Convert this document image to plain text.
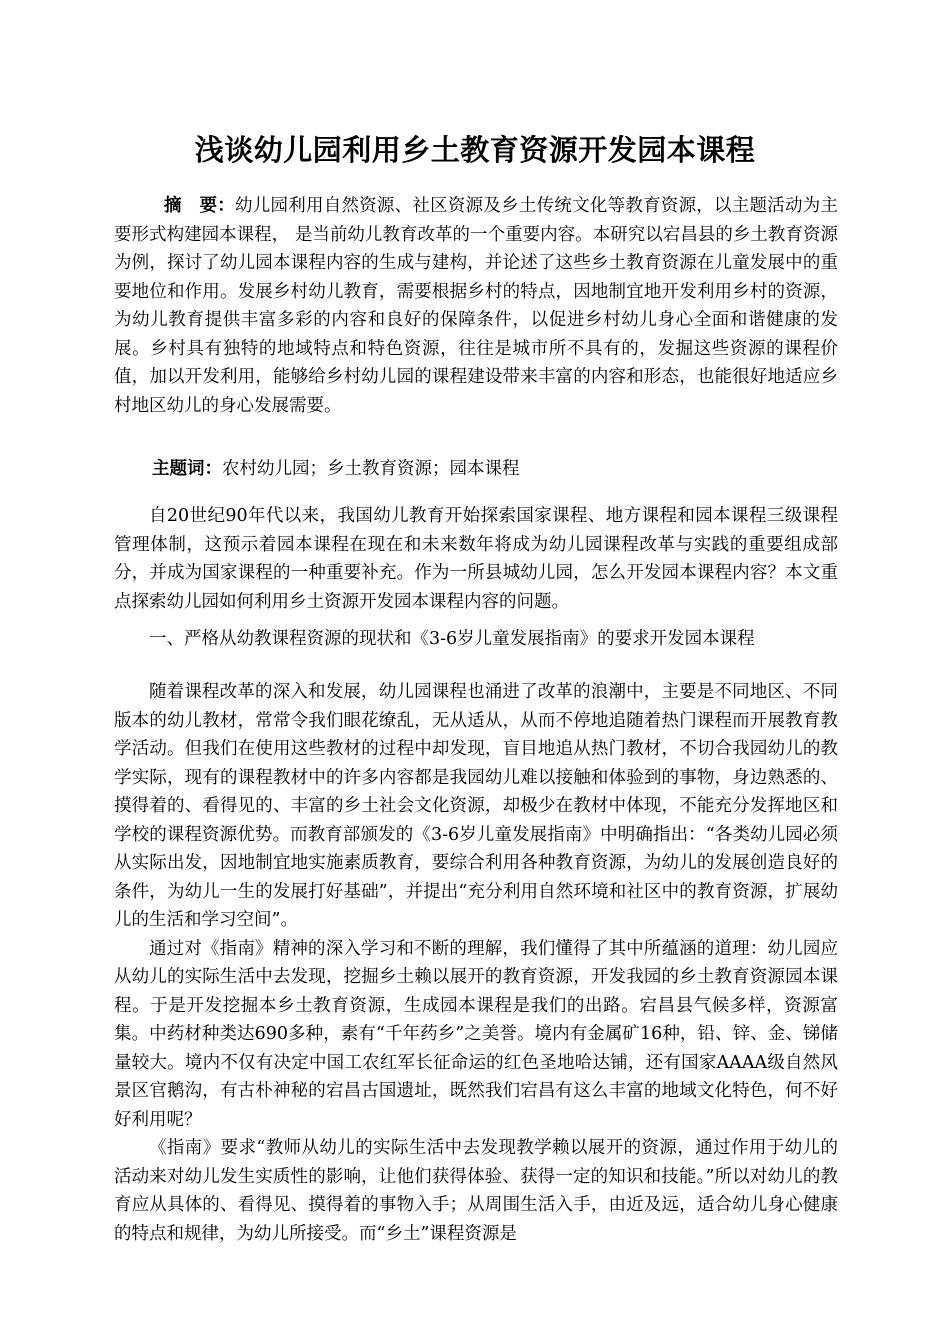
浅谈幼儿园利用乡土教育资源开发园本课程
摘　要：幼儿园利用自然资源、社区资源及乡土传统文化等教育资源，以主题活动为主要形式构建园本课程， 是当前幼儿教育改革的一个重要内容。本研究以宕昌县的乡土教育资源为例，探讨了幼儿园本课程内容的生成与建构，并论述了这些乡土教育资源在儿童发展中的重要地位和作用。发展乡村幼儿教育，需要根据乡村的特点，因地制宜地开发利用乡村的资源，为幼儿教育提供丰富多彩的内容和良好的保障条件，以促进乡村幼儿身心全面和谐健康的发展。乡村具有独特的地域特点和特色资源，往往是城市所不具有的，发掘这些资源的课程价值，加以开发利用，能够给乡村幼儿园的课程建设带来丰富的内容和形态，也能很好地适应乡村地区幼儿的身心发展需要。
主题词：农村幼儿园；乡土教育资源；园本课程
自20世纪90年代以来，我国幼儿教育开始探索国家课程、地方课程和园本课程三级课程管理体制，这预示着园本课程在现在和未来数年将成为幼儿园课程改革与实践的重要组成部分，并成为国家课程的一种重要补充。作为一所县城幼儿园，怎么开发园本课程内容？本文重点探索幼儿园如何利用乡土资源开发园本课程内容的问题。
一、严格从幼教课程资源的现状和《3-6岁儿童发展指南》的要求开发园本课程

随着课程改革的深入和发展，幼儿园课程也涌进了改革的浪潮中，主要是不同地区、不同版本的幼儿教材，常常令我们眼花缭乱，无从适从，从而不停地追随着热门课程而开展教育教学活动。但我们在使用这些教材的过程中却发现，盲目地追从热门教材，不切合我园幼儿的教学实际，现有的课程教材中的许多内容都是我园幼儿难以接触和体验到的事物，身边熟悉的、摸得着的、看得见的、丰富的乡土社会文化资源，却极少在教材中体现，不能充分发挥地区和学校的课程资源优势。而教育部颁发的《3-6岁儿童发展指南》中明确指出：“各类幼儿园必须从实际出发，因地制宜地实施素质教育，要综合利用各种教育资源，为幼儿的发展创造良好的条件，为幼儿一生的发展打好基础”，并提出“充分利用自然环境和社区中的教育资源，扩展幼儿的生活和学习空间”。

通过对《指南》精神的深入学习和不断的理解，我们懂得了其中所蕴涵的道理：幼儿园应从幼儿的实际生活中去发现，挖掘乡土赖以展开的教育资源，开发我园的乡土教育资源园本课程。于是开发挖掘本乡土教育资源，生成园本课程是我们的出路。宕昌县气候多样，资源富集。中药材种类达690多种，素有“千年药乡”之美誉。境内有金属矿16种，铅、锌、金、锑储量较大。境内不仅有决定中国工农红军长征命运的红色圣地哈达铺，还有国家AAAA级自然风景区官鹅沟，有古朴神秘的宕昌古国遗址，既然我们宕昌有这么丰富的地域文化特色，何不好好利用呢？

《指南》要求“教师从幼儿的实际生活中去发现教学赖以展开的资源，通过作用于幼儿的活动来对幼儿发生实质性的影响，让他们获得体验、获得一定的知识和技能。”所以对幼儿的教育应从具体的、看得见、摸得着的事物入手；从周围生活入手，由近及远，适合幼儿身心健康的特点和规律，为幼儿所接受。而“乡土”课程资源是
